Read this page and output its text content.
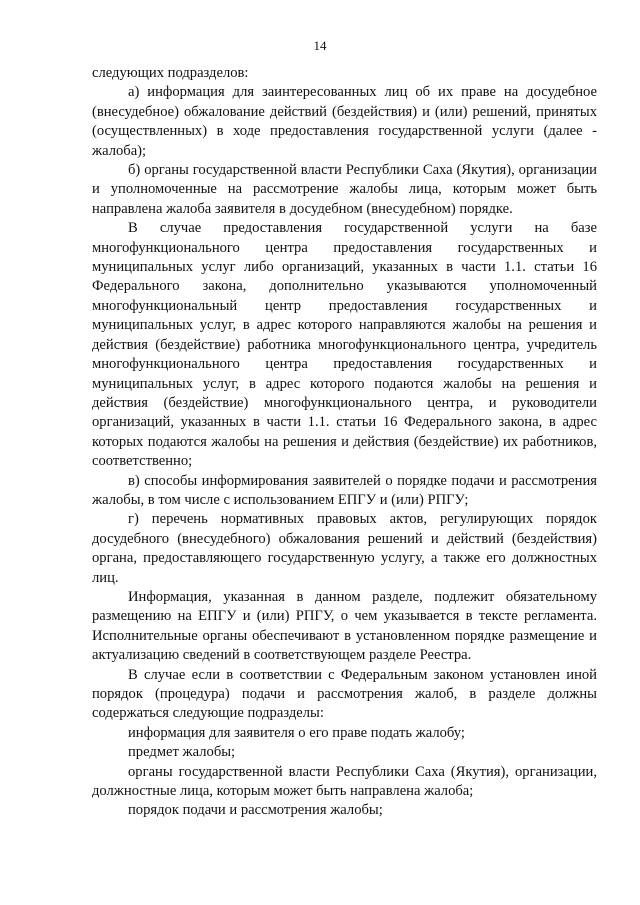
14

следующих подразделов:

а) информация для заинтересованных лиц об их праве на досудебное (внесудебное) обжалование действий (бездействия) и (или) решений, принятых (осуществленных) в ходе предоставления государственной услуги (далее - жалоба);

б) органы государственной власти Республики Саха (Якутия), организации и уполномоченные на рассмотрение жалобы лица, которым может быть направлена жалоба заявителя в досудебном (внесудебном) порядке.

В случае предоставления государственной услуги на базе многофункционального центра предоставления государственных и муниципальных услуг либо организаций, указанных в части 1.1. статьи 16 Федерального закона, дополнительно указываются уполномоченный многофункциональный центр предоставления государственных и муниципальных услуг, в адрес которого направляются жалобы на решения и действия (бездействие) работника многофункционального центра, учредитель многофункционального центра предоставления государственных и муниципальных услуг, в адрес которого подаются жалобы на решения и действия (бездействие) многофункционального центра, и руководители организаций, указанных в части 1.1. статьи 16 Федерального закона, в адрес которых подаются жалобы на решения и действия (бездействие) их работников, соответственно;

в) способы информирования заявителей о порядке подачи и рассмотрения жалобы, в том числе с использованием ЕПГУ и (или) РПГУ;

г) перечень нормативных правовых актов, регулирующих порядок досудебного (внесудебного) обжалования решений и действий (бездействия) органа, предоставляющего государственную услугу, а также его должностных лиц.

Информация, указанная в данном разделе, подлежит обязательному размещению на ЕПГУ и (или) РПГУ, о чем указывается в тексте регламента. Исполнительные органы обеспечивают в установленном порядке размещение и актуализацию сведений в соответствующем разделе Реестра.

В случае если в соответствии с Федеральным законом установлен иной порядок (процедура) подачи и рассмотрения жалоб, в разделе должны содержаться следующие подразделы:

информация для заявителя о его праве подать жалобу;

предмет жалобы;

органы государственной власти Республики Саха (Якутия), организации, должностные лица, которым может быть направлена жалоба;

порядок подачи и рассмотрения жалобы;
